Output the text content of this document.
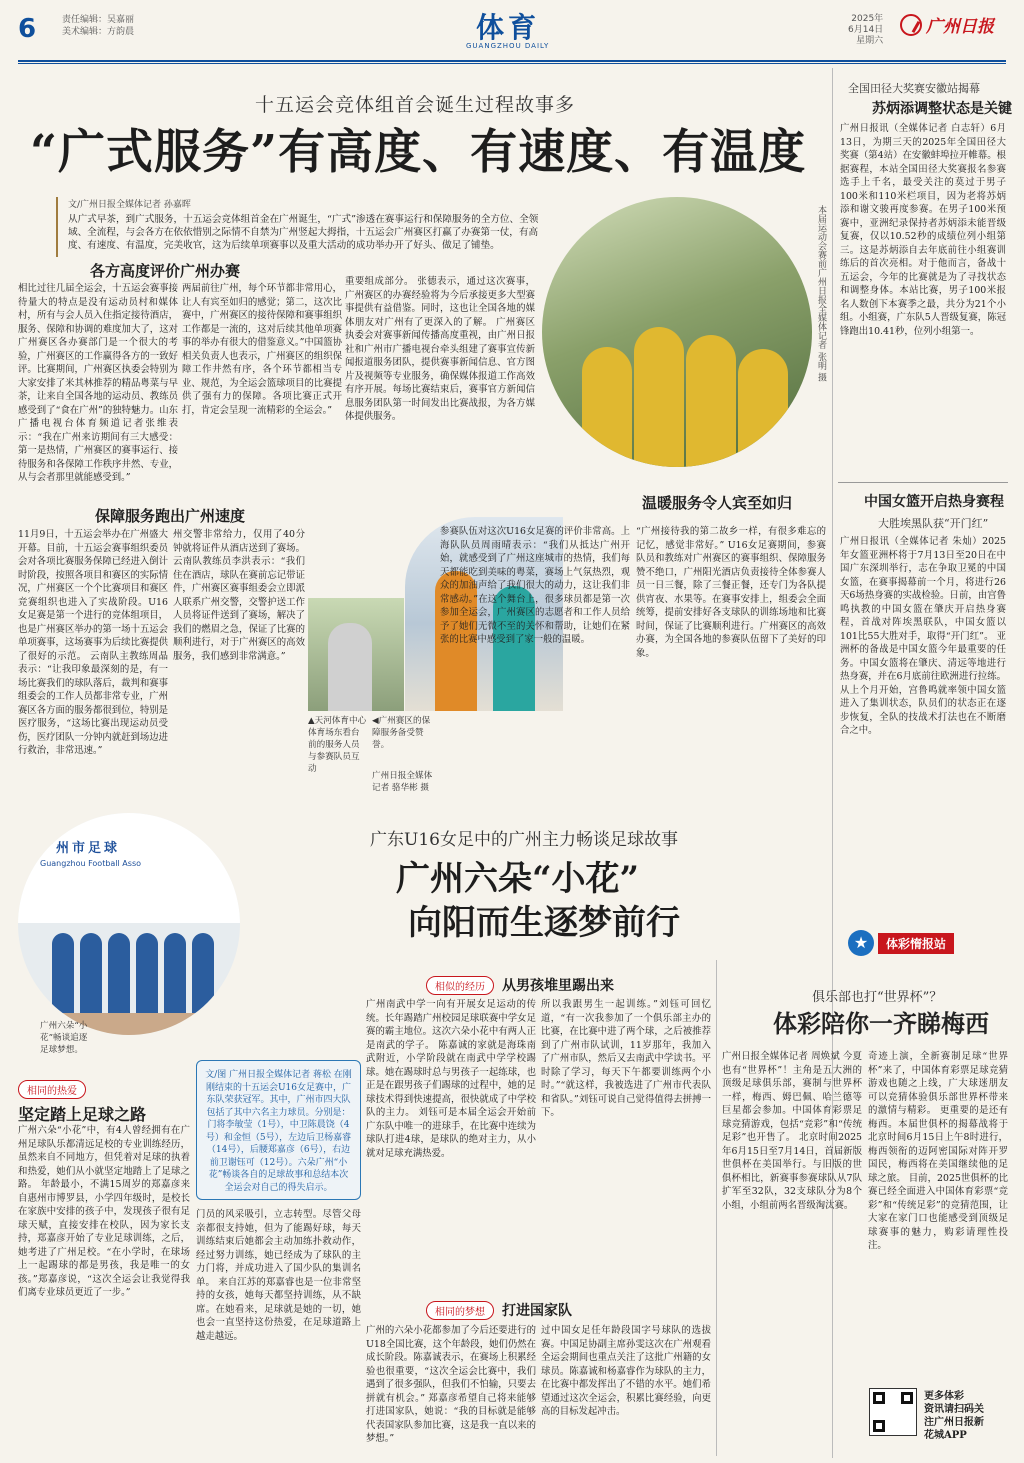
6	责任编辑：吴嘉丽
美术编辑：方韵晨	体育
GUANGZHOU DAILY
2025年
6月14日
星期六
广州日报
十五运会竞体组首会诞生过程故事多
“广式服务”有高度、有速度、有温度
文/广州日报全媒体记者 孙嘉晖
从广式早茶，到广式服务，十五运会竞体组首金在广州诞生，“广式”渗透在赛事运行和保障服务的全方位、全领域、全流程，与会各方在依依惜别之际情不自禁为广州竖起大拇指，十五运会广州赛区打赢了办赛第一仗，有高度、有速度、有温度，完美收官，这为后续单项赛事以及重大活动的成功举办开了好头、做足了铺垫。	本届运动会赛前广州日报全媒体记者 张明 摄
各方高度评价广州办赛
相比过往几届全运会，十五运会赛事接待量大的特点是没有运动员村和媒体村，所有与会人员入住指定接待酒店，服务、保障和协调的难度加大了，这对广州赛区各办赛部门是一个很大的考验，广州赛区的工作赢得各方的一致好评。比赛期间，广州赛区执委会特别为大家安排了米其林推荐的精品粤菜与早茶，让来自全国各地的运动员、教练员感受到了“食在广州”的独特魅力。山东广播电视台体育频道记者张维表示：“我在广州来访期间有三大感受：第一是热情，广州赛区的赛事运行、接待服务和各保障工作秩序井然、专业，从与会者那里就能感受到。”
两届前往广州，每个环节都非常用心，让人有宾至如归的感觉；第二，这次比赛中，广州赛区的接待保障和赛事组织工作都是一流的，这对后续其他单项赛事的举办有很大的借鉴意义。”中国篮协相关负责人也表示，广州赛区的组织保障工作井然有序，各个环节都相当专业、规范，为全运会篮球项目的比赛提供了强有力的保障。各项比赛正式开打，肯定会呈现一流精彩的全运会。”
重要组成部分。 张德表示，通过这次赛事，广州赛区的办赛经验将为今后承接更多大型赛事提供有益借鉴。同时，这也让全国各地的媒体朋友对广州有了更深入的了解。 广州赛区执委会对赛事新闻传播高度重视，由广州日报社和广州市广播电视台牵头组建了赛事宣传新闻报道服务团队，提供赛事新闻信息、官方图片及视频等专业服务，确保媒体报道工作高效有序开展。每场比赛结束后，赛事官方新闻信息服务团队第一时间发出比赛战报，为各方媒体提供服务。
保障服务跑出广州速度
11月9日，十五运会举办在广州盛大开幕。目前，十五运会赛事组织委员会对各项比赛服务保障已经进入倒计时阶段，按照各项目和赛区的实际情况，广州赛区一个个比赛项目和赛区竞赛组织也进入了实战阶段。U16女足赛是第一个进行的竞体组项目，也是广州赛区举办的第一场十五运会单项赛事，这场赛事为后续比赛提供了很好的示范。 云南队主教练周晶表示：“让我印象最深刻的是，有一场比赛我们的球队落后，裁判和赛事组委会的工作人员都非常专业，广州赛区各方面的服务都很到位，特别是医疗服务，“这场比赛出现运动员受伤，医疗团队一分钟内就赶到场边进行救治，非常迅速。”
州交警非常给力，仅用了40分钟就将证件从酒店送到了赛场。 云南队教练员李洪表示：“我们住在酒店，球队在赛前忘记带证件，广州赛区赛事组委会立即派人联系广州交警，交警护送工作人员将证件送到了赛场，解决了我们的燃眉之急，保证了比赛的顺利进行，对于广州赛区的高效服务，我们感到非常满意。”
▲天河体育中心体育场东看台前的服务人员与参赛队员互动
◀广州赛区的保障服务备受赞誉。
广州日报全媒体记者 骆华彬 摄
温暖服务令人宾至如归
参赛队伍对这次U16女足赛的评价非常高。上海队队员周雨晴表示：“我们从抵达广州开始，就感受到了广州这座城市的热情，我们每天都能吃到美味的粤菜，赛场上气氛热烈，观众的加油声给了我们很大的动力，这让我们非常感动。”在这个舞台上，很多球员都是第一次参加全运会，广州赛区的志愿者和工作人员给予了她们无微不至的关怀和帮助，让她们在紧张的比赛中感受到了家一般的温暖。
“广州接待我的第二故乡一样，有很多难忘的记忆，感觉非常好。” U16女足赛期间，参赛队员和教练对广州赛区的赛事组织、保障服务赞不绝口，广州阳光酒店负责接待全体参赛人员一日三餐，除了三餐正餐，还专门为各队提供宵夜、水果等。在赛事安排上，组委会全面统筹，提前安排好各支球队的训练场地和比赛时间，保证了比赛顺利进行。广州赛区的高效办赛，为全国各地的参赛队伍留下了美好的印象。
广州市足球
Guangzhou Football Asso
广州六朵“小花”畅谈追逐足球梦想。
广东U16女足中的广州主力畅谈足球故事
广州六朵“小花”
向阳而生逐梦前行
相同的热爱
坚定踏上足球之路
广州六朵“小花”中，有4人曾经拥有在广州足球队乐都清远足校的专业训练经历，虽然来自不同地方，但凭着对足球的执着和热爱，她们从小就坚定地踏上了足球之路。 年龄最小，不满15周岁的郑嘉彦来自惠州市博罗县，小学四年级时，是校长在家族中安排的孩子中，发现孩子很有足球天赋，直接安排在校队，因为家长支持，郑嘉彦开始了专业足球训练，之后，她考进了广州足校。“在小学时，在球场上一起踢球的都是男孩，我是唯一的女孩。”郑嘉彦说，“这次全运会让我觉得我们离专业球员更近了一步。”
文/图 广州日报全媒体记者 蒋松 在刚刚结束的十五运会U16女足赛中，广东队荣获冠军。其中，广州市四大队包括了其中六名主力球员。分别是：门将李敏莹（1号），中卫陈晨饶（4号）和金恒（5号），左边后卫杨嘉睿（14号），后腰郑嘉彦（6号），右边前卫谢钰可（12号）。六朵广州“小花”畅谈各自的足球故事和总结本次全运会对自己的得失启示。
门员的风采吸引，立志转型。尽管父母亲都很支持她，但为了能踢好球，每天训练结束后她都会主动加练扑救动作，经过努力训练，她已经成为了球队的主力门将，并成功进入了国少队的集训名单。 来自江苏的郑嘉睿也是一位非常坚持的女孩，她每天都坚持训练，从不缺席。在她看来，足球就是她的一切，她也会一直坚持这份热爱，在足球道路上越走越远。
相似的经历	从男孩堆里踢出来
广州南武中学一向有开展女足运动的传统。长年踢踏广州校园足球联赛中学女足赛的霸主地位。这次六朵小花中有两人正是南武的学子。 陈嘉诚的家就是海珠南武附近，小学阶段就在南武中学学校踢球。她在踢球时总与男孩子一起练球，也正是在跟男孩子们踢球的过程中，她的足球技术得到快速提高，很快就成了中学校队的主力。 刘钰可是本届全运会开始前广东队中唯一的进球手，在比赛中连续为球队打进4球，是球队的绝对主力，从小就对足球充满热爱。
所以我跟男生一起训练。”刘钰可回忆道，“有一次我参加了一个俱乐部主办的比赛，在比赛中进了两个球，之后被推荐到了广州市队试训，11岁那年，我加入了广州市队，然后又去南武中学读书。平时除了学习，每天下午都要训练两个小时。”“就这样，我被选进了广州市代表队和省队。”刘钰可说自己觉得值得去拼搏一下。
相同的梦想	打进国家队
广州的六朵小花都参加了今后还要进行的U18全国比赛，这个年龄段，她们仍然在成长阶段。陈嘉诚表示，在赛场上积累经验也很重要，“这次全运会比赛中，我们遇到了很多强队，但我们不怕输，只要去拼就有机会。” 郑嘉彦希望自己将来能够打进国家队，她说：“我的目标就是能够代表国家队参加比赛，这是我一直以来的梦想。”
过中国女足任年龄段国字号球队的选拔赛。中国足协副主席孙雯这次在广州观看全运会期间也重点关注了这批广州籍的女球员。陈嘉诚和杨嘉睿作为球队的主力，在比赛中都发挥出了不错的水平。她们希望通过这次全运会，积累比赛经验，向更高的目标发起冲击。
全国田径大奖赛安徽站揭幕
苏炳添调整状态是关键
广州日报讯（全媒体记者 白志轩）6月13日，为期三天的2025年全国田径大奖赛（第4站）在安徽蚌埠拉开帷幕。根据赛程，本站全国田径大奖赛报名参赛选手上千名，最受关注的莫过于男子100米和110米栏项目，因为老将苏炳添和谢文骏再度参赛。在男子100米预赛中，亚洲纪录保持者苏炳添未能晋级复赛，仅以10.52秒的成绩位列小组第三。这是苏炳添自去年底前往小组赛训练后的首次亮相。对于他而言，备战十五运会，今年的比赛就是为了寻找状态和调整身体。本站比赛，男子100米报名人数创下本赛季之最，共分为21个小组。小组赛，广东队5人晋级复赛，陈冠锋跑出10.41秒，位列小组第一。
中国女篮开启热身赛程
大胜埃黑队获“开门红”
广州日报讯（全媒体记者 朱灿）2025年女篮亚洲杯将于7月13日至20日在中国广东深圳举行，志在争取卫冕的中国女篮，在赛事揭幕前一个月，将进行26天6场热身赛的实战检验。日前，由宫鲁鸣执教的中国女篮在肇庆开启热身赛程，首战对阵埃黑联队，中国女篮以101比55大胜对手，取得“开门红”。 亚洲杯的备战是中国女篮今年最重要的任务。中国女篮将在肇庆、清远等地进行热身赛，并在6月底前往欧洲进行拉练。从上个月开始，宫鲁鸣就率领中国女篮进入了集训状态，队员们的状态正在逐步恢复，全队的技战术打法也在不断磨合之中。
★	体彩惰报站
俱乐部也打“世界杯”？
体彩陪你一齐睇梅西
广州日报全媒体记者 周焕斌 今夏也有“世界杯”！主角是五大洲的顶级足球俱乐部，赛制与世界杯一样，梅西、姆巴佩、哈兰德等巨星都会参加。中国体育彩票足球竞猜游戏，包括“竞彩”和“传统足彩”也开售了。 北京时间2025年6月15日至7月14日，首届新版世俱杯在美国举行。与旧版的世俱杯相比，新赛事参赛球队从7队扩军至32队，32支球队分为8个小组，小组前两名晋级淘汰赛。
奇迹上演，全新赛制足球“世界杯”来了，中国体育彩票足球竞猜游戏也随之上线，广大球迷朋友可以竞猜体验俱乐部世界杯带来的激情与精彩。 更重要的是还有梅西。本届世俱杯的揭幕战将于北京时间6月15日上午8时进行，梅西领衔的迈阿密国际对阵开罗国民，梅西将在美国继续他的足球之旅。 目前，2025世俱杯的比赛已经全面进入中国体育彩票“竞彩”和“传统足彩”的竞猜范围，让大家在家门口也能感受到顶级足球赛事的魅力，购彩请理性投注。
更多体彩
资讯请扫码关
注广州日报新
花城APP
